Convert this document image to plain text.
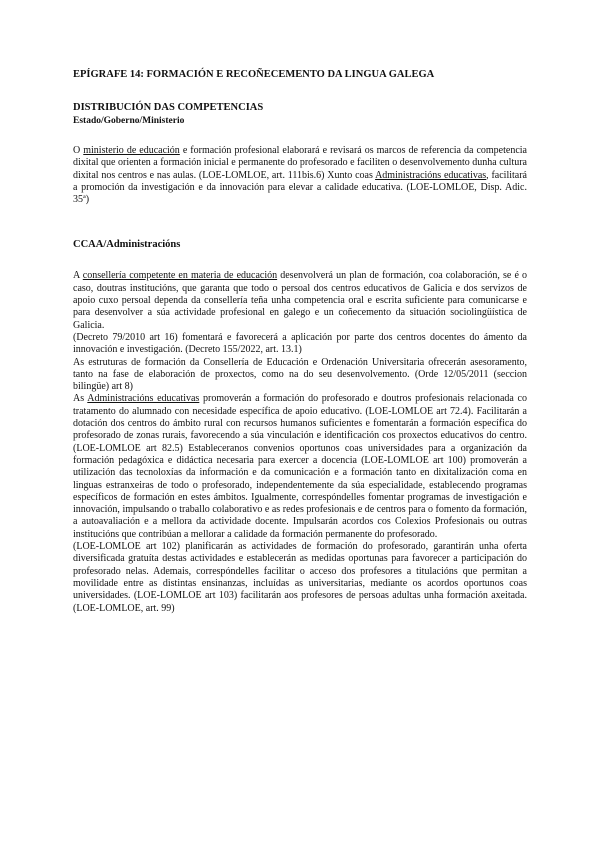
EPÍGRAFE 14: FORMACIÓN E RECOÑECEMENTO DA LINGUA GALEGA
DISTRIBUCIÓN DAS COMPETENCIAS
Estado/Goberno/Ministerio

O ministerio de educación e formación profesional elaborará e revisará os marcos de referencia da competencia dixital que orienten a formación inicial e permanente do profesorado e faciliten o desenvolvemento dunha cultura dixital nos centros e nas aulas. (LOE-LOMLOE, art. 111bis.6) Xunto coas Administracións educativas, facilitará a promoción da investigación e da innovación para elevar a calidade educativa. (LOE-LOMLOE, Disp. Adic. 35ª)

CCAA/Administracións

A consellería competente en materia de educación desenvolverá un plan de formación, coa colaboración, se é o caso, doutras institucións, que garanta que todo o persoal dos centros educativos de Galicia e dos servizos de apoio cuxo persoal dependa da consellería teña unha competencia oral e escrita suficiente para comunicarse e para desenvolver a súa actividade profesional en galego e un coñecemento da situación sociolingüística de Galicia.

(Decreto 79/2010 art 16) fomentará e favorecerá a aplicación por parte dos centros docentes do ámento da innovación e investigación. (Decreto 155/2022, art. 13.1)

As estruturas de formación da Consellería de Educación e Ordenación Universitaria ofrecerán asesoramento, tanto na fase de elaboración de proxectos, como na do seu desenvolvemento. (Orde 12/05/2011 (seccion bilingüe) art 8)

As Administracións educativas promoverán a formación do profesorado e doutros profesionais relacionada co tratamento do alumnado con necesidade específica de apoio educativo. (LOE-LOMLOE art 72.4). Facilitarán a dotación dos centros do ámbito rural con recursos humanos suficientes e fomentarán a formación específica do profesorado de zonas rurais, favorecendo a súa vinculación e identificación cos proxectos educativos do centro. (LOE-LOMLOE art 82.5) Estableceranos convenios oportunos coas universidades para a organización da formación pedagóxica e didáctica necesaria para exercer a docencia (LOE-LOMLOE art 100) promoverán a utilización das tecnoloxías da información e da comunicación e a formación tanto en dixitalización coma en linguas estranxeiras de todo o profesorado, independentemente da súa especialidade, establecendo programas específicos de formación en estes ámbitos. Igualmente, correspóndelles fomentar programas de investigación e innovación, impulsando o traballo colaborativo e as redes profesionais e de centros para o fomento da formación, a autoavaliación e a mellora da actividade docente. Impulsarán acordos cos Colexios Profesionais ou outras institucións que contribúan a mellorar a calidade da formación permanente do profesorado.

(LOE-LOMLOE art 102) planificarán as actividades de formación do profesorado, garantirán unha oferta diversificada gratuíta destas actividades e establecerán as medidas oportunas para favorecer a participación do profesorado nelas. Ademais, correspóndelles facilitar o acceso dos profesores a titulacións que permitan a movilidade entre as distintas ensinanzas, incluídas as universitarias, mediante os acordos oportunos coas universidades. (LOE-LOMLOE art 103) facilitarán aos profesores de persoas adultas unha formación axeitada. (LOE-LOMLOE, art. 99)
